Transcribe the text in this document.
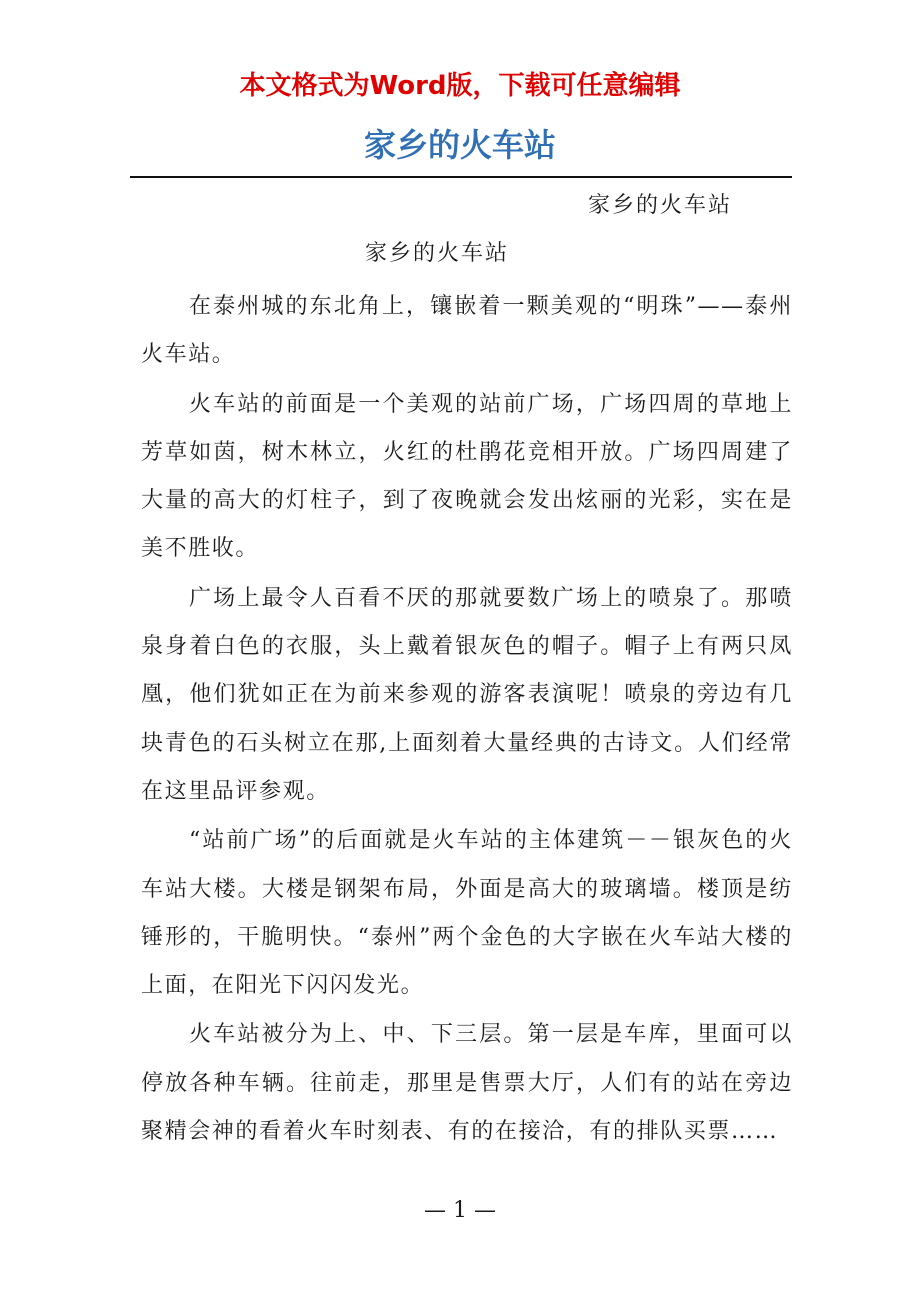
本文格式为Word版，下载可任意编辑
家乡的火车站
家乡的火车站
家乡的火车站

在泰州城的东北角上，镶嵌着一颗美观的“明珠”——泰州火车站。

火车站的前面是一个美观的站前广场，广场四周的草地上芳草如茵，树木林立，火红的杜鹃花竞相开放。广场四周建了大量的高大的灯柱子，到了夜晚就会发出炫丽的光彩，实在是美不胜收。

广场上最令人百看不厌的那就要数广场上的喷泉了。那喷泉身着白色的衣服，头上戴着银灰色的帽子。帽子上有两只凤凰，他们犹如正在为前来参观的游客表演呢！喷泉的旁边有几块青色的石头树立在那,上面刻着大量经典的古诗文。人们经常在这里品评参观。

“站前广场”的后面就是火车站的主体建筑－－银灰色的火车站大楼。大楼是钢架布局，外面是高大的玻璃墙。楼顶是纺锤形的，干脆明快。“泰州”两个金色的大字嵌在火车站大楼的上面，在阳光下闪闪发光。

火车站被分为上、中、下三层。第一层是车库，里面可以停放各种车辆。往前走，那里是售票大厅，人们有的站在旁边聚精会神的看着火车时刻表、有的在接洽，有的排队买票……

— 1 —
